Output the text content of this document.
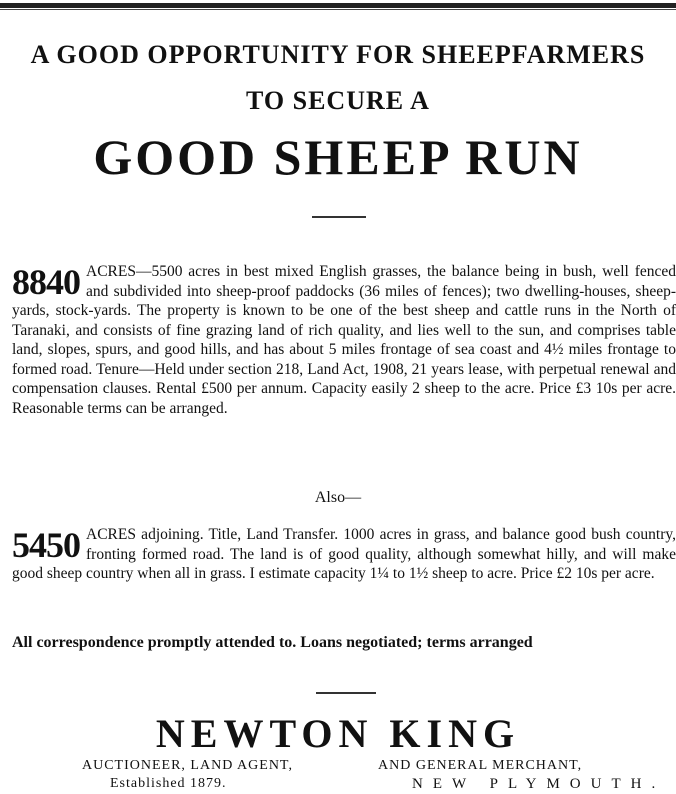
A GOOD OPPORTUNITY FOR SHEEPFARMERS
TO SECURE A
GOOD SHEEP RUN
8840 ACRES—5500 acres in best mixed English grasses, the balance being in bush, well fenced and subdivided into sheep-proof paddocks (36 miles of fences); two dwelling-houses, sheep-yards, stock-yards. The property is known to be one of the best sheep and cattle runs in the North of Taranaki, and consists of fine grazing land of rich quality, and lies well to the sun, and comprises table land, slopes, spurs, and good hills, and has about 5 miles frontage of sea coast and 4½ miles frontage to formed road. Tenure—Held under section 218, Land Act, 1908, 21 years lease, with perpetual renewal and compensation clauses. Rental £500 per annum. Capacity easily 2 sheep to the acre. Price £3 10s per acre. Reasonable terms can be arranged.
Also—
5450 ACRES adjoining. Title, Land Transfer. 1000 acres in grass, and balance good bush country, fronting formed road. The land is of good quality, although somewhat hilly, and will make good sheep country when all in grass. I estimate capacity 1¼ to 1½ sheep to acre. Price £2 10s per acre.
All correspondence promptly attended to. Loans negotiated; terms arranged
NEWTON KING
AUCTIONEER, LAND AGENT,
Established 1879.
AND GENERAL MERCHANT,
NEW PLYMOUTH.
